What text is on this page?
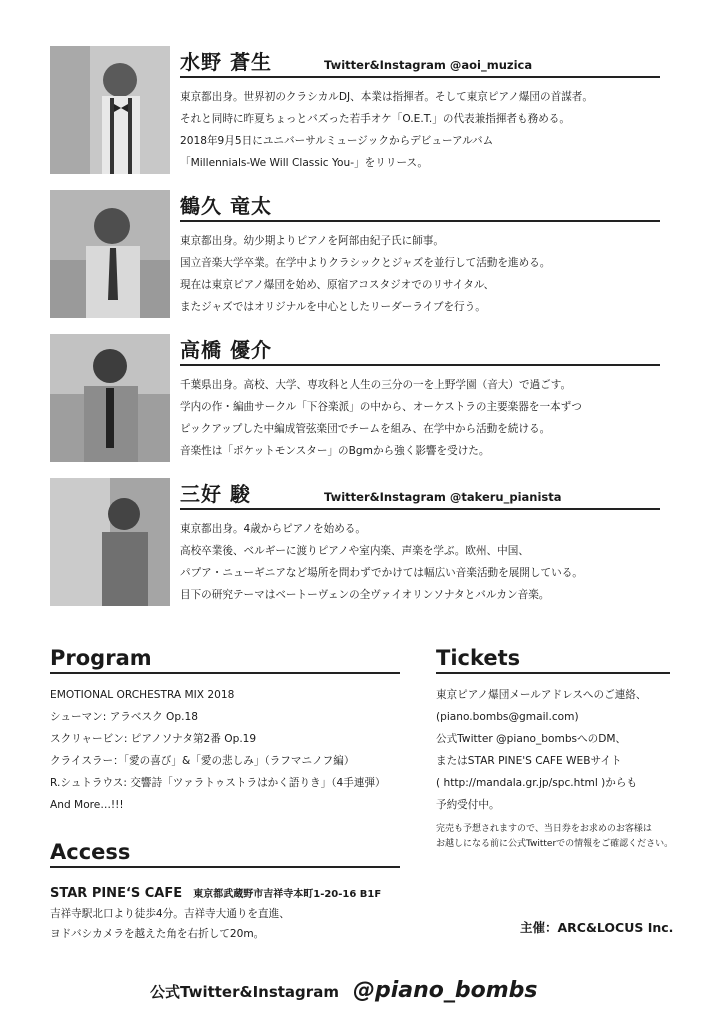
水野 蒼生	Twitter&Instagram @aoi_muzica

東京都出身。世界初のクラシカルDJ、本業は指揮者。そして東京ピアノ爆団の首謀者。

それと同時に昨夏ちょっとバズった若手オケ「O.E.T.」の代表兼指揮者も務める。

2018年9月5日にユニバーサルミュージックからデビューアルバム

「Millennials-We Will Classic You-」をリリース。

鶴久 竜太

東京都出身。幼少期よりピアノを阿部由紀子氏に師事。

国立音楽大学卒業。在学中よりクラシックとジャズを並行して活動を進める。

現在は東京ピアノ爆団を始め、原宿アコスタジオでのリサイタル、

またジャズではオリジナルを中心としたリーダーライブを行う。

高橋 優介

千葉県出身。高校、大学、専攻科と人生の三分の一を上野学園（音大）で過ごす。

学内の作・編曲サークル「下谷楽派」の中から、オーケストラの主要楽器を一本ずつ

ピックアップした中編成管弦楽団でチームを組み、在学中から活動を続ける。

音楽性は「ポケットモンスター」のBgmから強く影響を受けた。

三好 駿	Twitter&Instagram @takeru_pianista

東京都出身。4歳からピアノを始める。

高校卒業後、ベルギーに渡りピアノや室内楽、声楽を学ぶ。欧州、中国、

パプア・ニューギニアなど場所を問わずでかけては幅広い音楽活動を展開している。

目下の研究テーマはベートーヴェンの全ヴァイオリンソナタとバルカン音楽。

Program

EMOTIONAL ORCHESTRA MIX 2018

シューマン: アラベスク Op.18

スクリャービン: ピアノソナタ第2番 Op.19

クライスラー：「愛の喜び」&「愛の悲しみ」（ラフマニノフ編）

R.シュトラウス: 交響詩「ツァラトゥストラはかく語りき」（4手連弾）

And More…!!!

Tickets

東京ピアノ爆団メールアドレスへのご連絡、

(piano.bombs@gmail.com)

公式Twitter @piano_bombsへのDM、

またはSTAR PINE'S CAFE WEBサイト

( http://mandala.gr.jp/spc.html )からも

予約受付中。

完売も予想されますので、当日券をお求めのお客様は

お越しになる前に公式Twitterでの情報をご確認ください。

Access
STAR PINE‘S CAFE 東京都武蔵野市吉祥寺本町1-20-16 B1F

吉祥寺駅北口より徒歩4分。吉祥寺大通りを直進、

ヨドバシカメラを越えた角を右折して20m。	主催：ARC&LOCUS Inc.
公式Twitter&Instagram @piano_bombs
